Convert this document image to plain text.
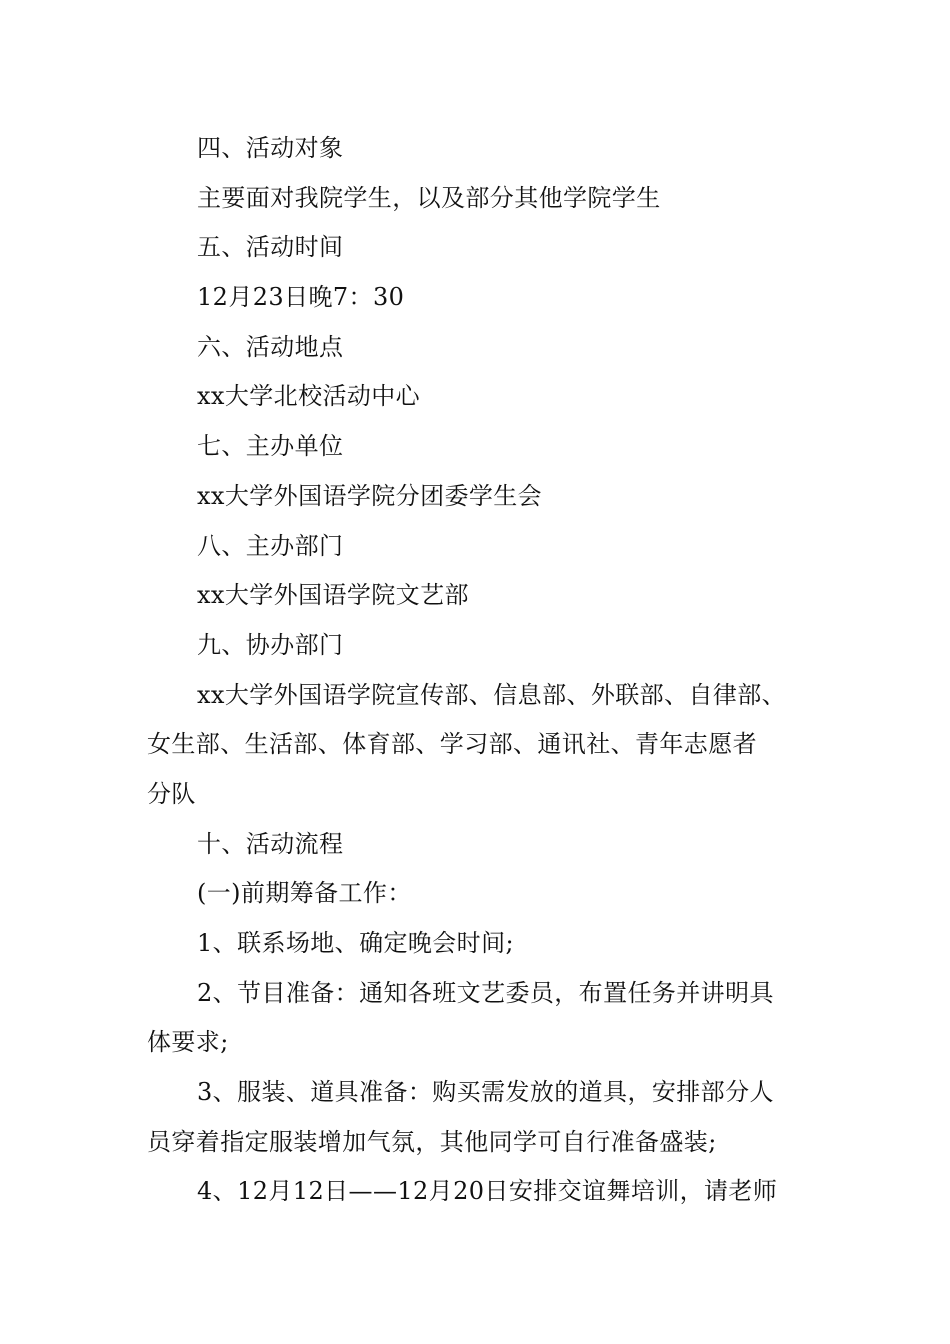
四、活动对象
主要面对我院学生，以及部分其他学院学生
五、活动时间
12月23日晚7：30
六、活动地点
xx大学北校活动中心
七、主办单位
xx大学外国语学院分团委学生会
八、主办部门
xx大学外国语学院文艺部
九、协办部门
xx大学外国语学院宣传部、信息部、外联部、自律部、
女生部、生活部、体育部、学习部、通讯社、青年志愿者
分队
十、活动流程
(一)前期筹备工作：
1、联系场地、确定晚会时间;
2、节目准备：通知各班文艺委员，布置任务并讲明具
体要求;
3、服装、道具准备：购买需发放的道具，安排部分人
员穿着指定服装增加气氛，其他同学可自行准备盛装;
4、12月12日——12月20日安排交谊舞培训，请老师
